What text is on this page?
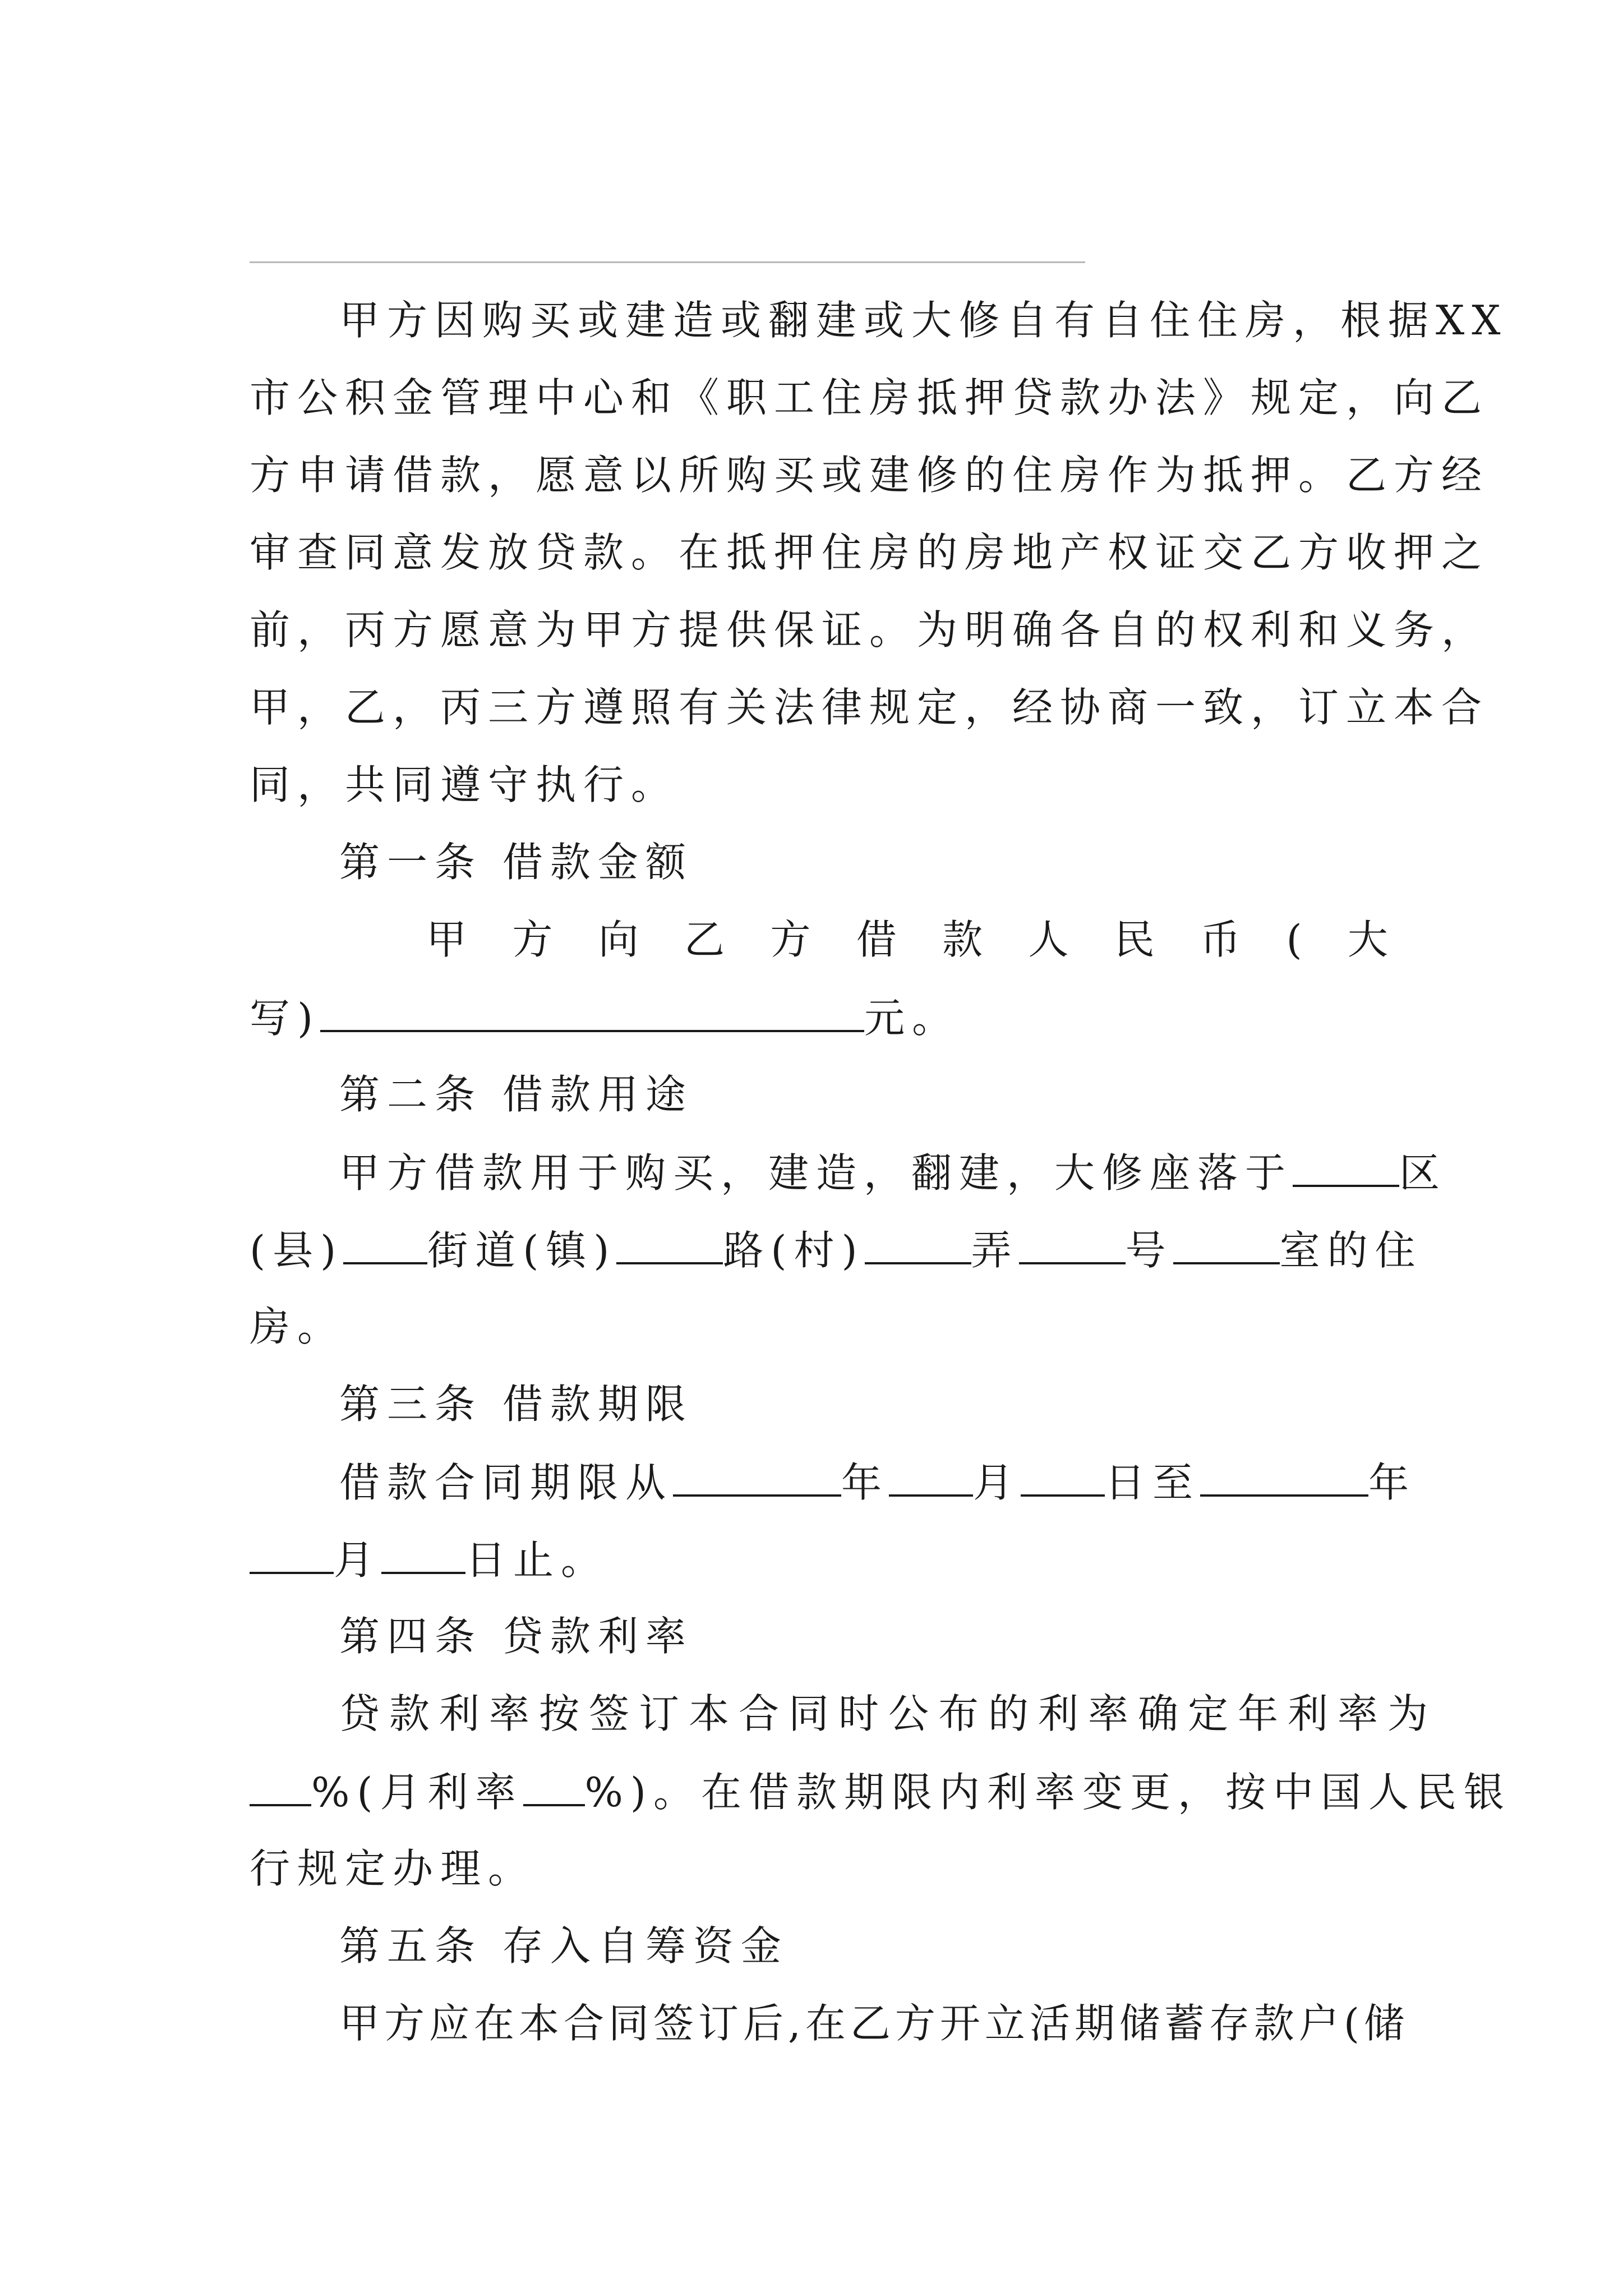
甲方因购买或建造或翻建或大修自有自住住房，根据XX
市公积金管理中心和《职工住房抵押贷款办法》规定，向乙
方申请借款，愿意以所购买或建修的住房作为抵押。乙方经
审查同意发放贷款。在抵押住房的房地产权证交乙方收押之
前，丙方愿意为甲方提供保证。为明确各自的权利和义务，
甲，乙，丙三方遵照有关法律规定，经协商一致，订立本合
同，共同遵守执行。
第一条 借款金额
甲 方 向 乙 方 借 款 人 民 币 ( 大
写)	元。
第二条 借款用途
甲方借款用于购买，建造，翻建，大修座落于	区
(县) 街道(镇)	路(村)	弄	号	室的住
房。
第三条 借款期限
借款合同期限从	年 月 日至	年
月 日止。
第四条 贷款利率
贷款利率按签订本合同时公布的利率确定年利率为
%(月利率 %)。在借款期限内利率变更，按中国人民银
行规定办理。
第五条 存入自筹资金
甲方应在本合同签订后,在乙方开立活期储蓄存款户(储
